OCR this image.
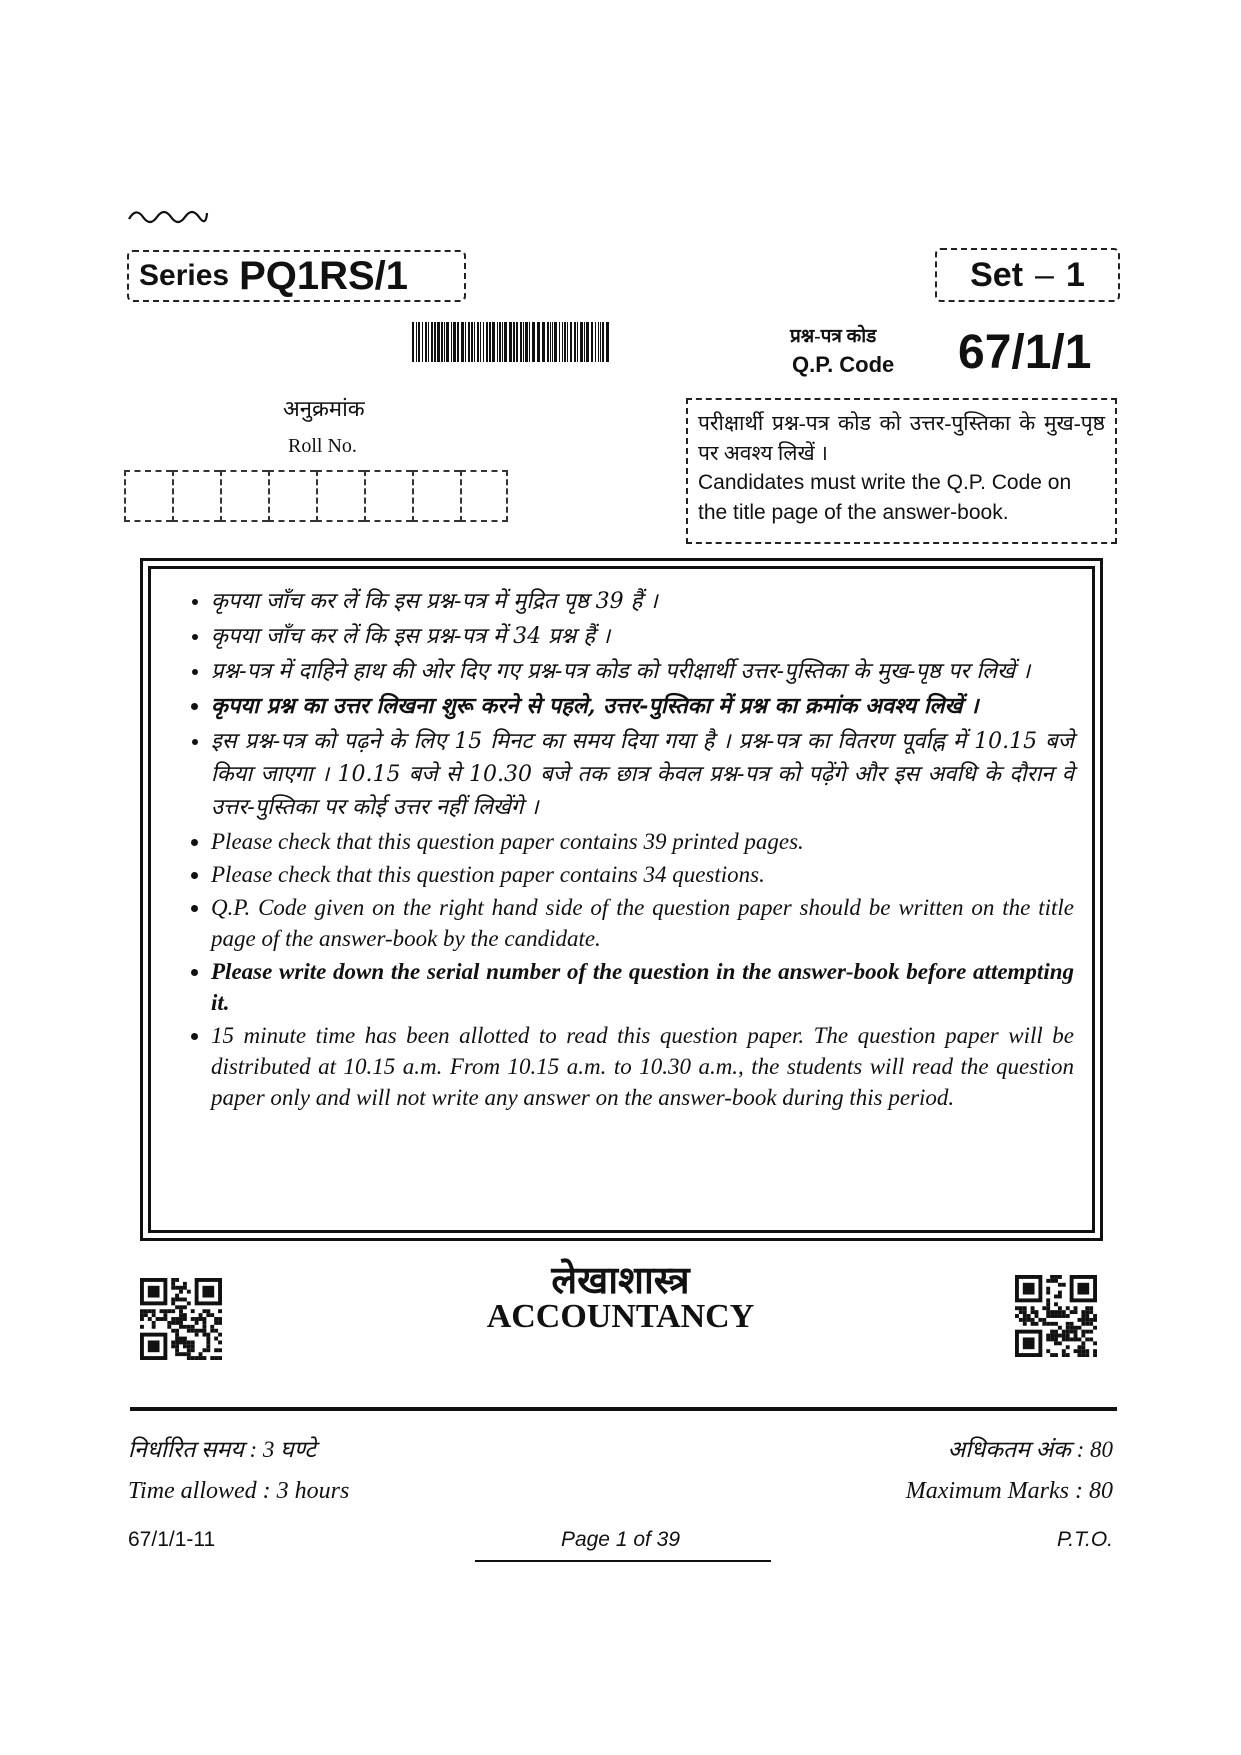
Series PQ1RS/1	Set – 1
प्रश्न-पत्र कोड
Q.P. Code 67/1/1
अनुक्रमांक
Roll No.
परीक्षार्थी प्रश्न-पत्र कोड को उत्तर-पुस्तिका के मुख-पृष्ठ पर अवश्य लिखें ।
Candidates must write the Q.P. Code on the title page of the answer-book.
• कृपया जाँच कर लें कि इस प्रश्न-पत्र में मुद्रित पृष्ठ 39 हैं ।
• कृपया जाँच कर लें कि इस प्रश्न-पत्र में 34 प्रश्न हैं ।
• प्रश्न-पत्र में दाहिने हाथ की ओर दिए गए प्रश्न-पत्र कोड को परीक्षार्थी उत्तर-पुस्तिका के मुख-पृष्ठ पर लिखें ।
• कृपया प्रश्न का उत्तर लिखना शुरू करने से पहले, उत्तर-पुस्तिका में प्रश्न का क्रमांक अवश्य लिखें ।
• इस प्रश्न-पत्र को पढ़ने के लिए 15 मिनट का समय दिया गया है । प्रश्न-पत्र का वितरण पूर्वाह्न में 10.15 बजे किया जाएगा । 10.15 बजे से 10.30 बजे तक छात्र केवल प्रश्न-पत्र को पढ़ेंगे और इस अवधि के दौरान वे उत्तर-पुस्तिका पर कोई उत्तर नहीं लिखेंगे ।
• Please check that this question paper contains 39 printed pages.
• Please check that this question paper contains 34 questions.
• Q.P. Code given on the right hand side of the question paper should be written on the title page of the answer-book by the candidate.
• Please write down the serial number of the question in the answer-book before attempting it.
• 15 minute time has been allotted to read this question paper. The question paper will be distributed at 10.15 a.m. From 10.15 a.m. to 10.30 a.m., the students will read the question paper only and will not write any answer on the answer-book during this period.
लेखाशास्त्र
ACCOUNTANCY
निर्धारित समय : 3 घण्टे	अधिकतम अंक : 80
Time allowed : 3 hours	Maximum Marks : 80
67/1/1-11	Page 1 of 39	P.T.O.
